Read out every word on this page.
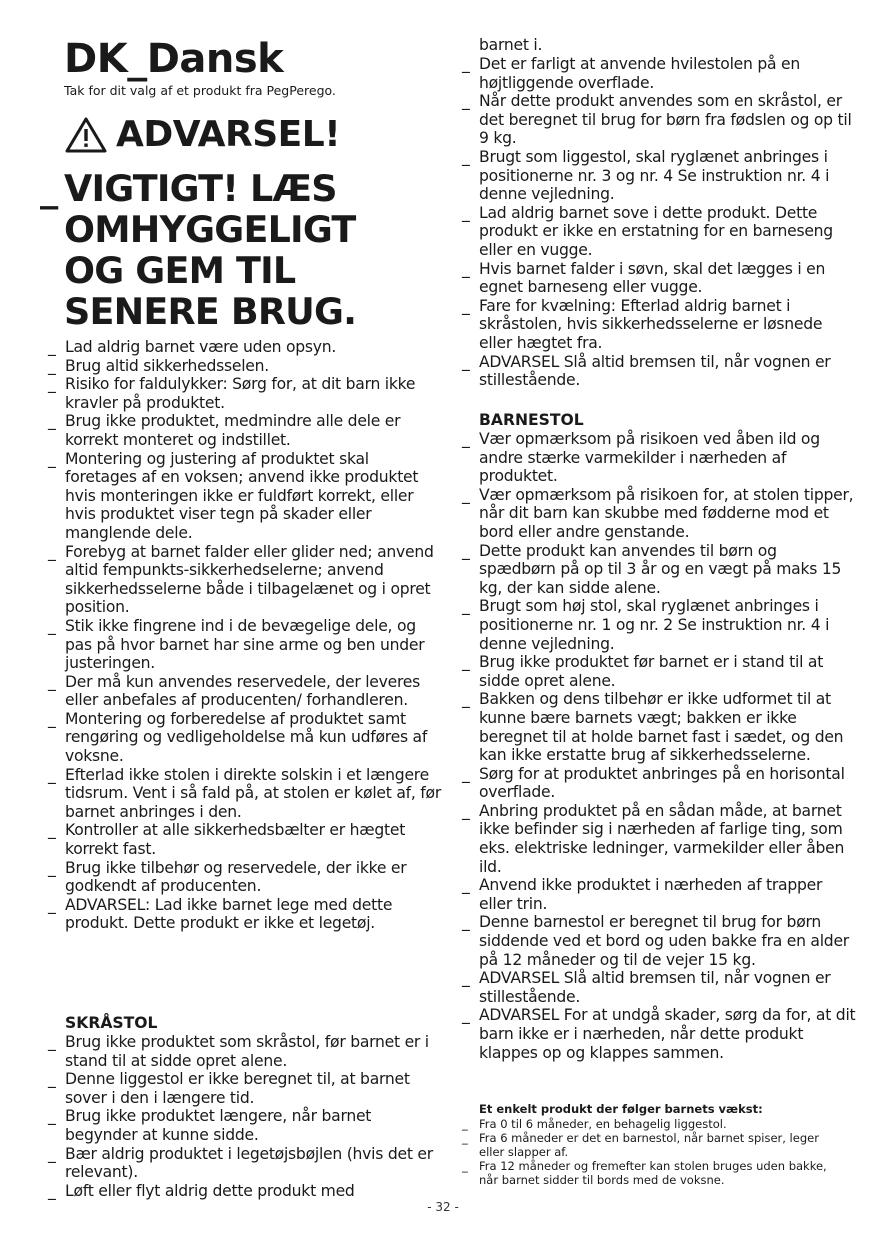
DK_Dansk

Tak for dit valg af et produkt fra PegPerego.

ADVARSEL!
_ VIGTIGT! LÆS
OMHYGGELIGT
OG GEM TIL
SENERE BRUG.
_ Lad aldrig barnet være uden opsyn.
_ Brug altid sikkerhedsselen.
_ Risiko for faldulykker: Sørg for, at dit barn ikke kravler på produktet.
_ Brug ikke produktet, medmindre alle dele er korrekt monteret og indstillet.
_ Montering og justering af produktet skal foretages af en voksen; anvend ikke produktet hvis monteringen ikke er fuldført korrekt, eller hvis produktet viser tegn på skader eller manglende dele.
_ Forebyg at barnet falder eller glider ned; anvend altid fempunkts-sikkerhedselerne; anvend sikkerhedsselerne både i tilbagelænet og i opret position.
_ Stik ikke fingrene ind i de bevægelige dele, og pas på hvor barnet har sine arme og ben under justeringen.
_ Der må kun anvendes reservedele, der leveres eller anbefales af producenten/ forhandleren.
_ Montering og forberedelse af produktet samt rengøring og vedligeholdelse må kun udføres af voksne.
_ Efterlad ikke stolen i direkte solskin i et længere tidsrum. Vent i så fald på, at stolen er kølet af, før barnet anbringes i den.
_ Kontroller at alle sikkerhedsbælter er hægtet korrekt fast.
_ Brug ikke tilbehør og reservedele, der ikke er godkendt af producenten.
_ ADVARSEL: Lad ikke barnet lege med dette produkt. Dette produkt er ikke et legetøj.
SKRÅSTOL
_ Brug ikke produktet som skråstol, før barnet er i stand til at sidde opret alene.
_ Denne liggestol er ikke beregnet til, at barnet sover i den i længere tid.
_ Brug ikke produktet længere, når barnet begynder at kunne sidde.
_ Bær aldrig produktet i legetøjsbøjlen (hvis det er relevant).
_ Løft eller flyt aldrig dette produkt med
barnet i.
_ Det er farligt at anvende hvilestolen på en højtliggende overflade.
_ Når dette produkt anvendes som en skråstol, er det beregnet til brug for børn fra fødslen og op til 9 kg.
_ Brugt som liggestol, skal ryglænet anbringes i positionerne nr. 3 og nr. 4 Se instruktion nr. 4 i denne vejledning.
_ Lad aldrig barnet sove i dette produkt. Dette produkt er ikke en erstatning for en barneseng eller en vugge.
_ Hvis barnet falder i søvn, skal det lægges i en egnet barneseng eller vugge.
_ Fare for kvælning: Efterlad aldrig barnet i skråstolen, hvis sikkerhedsselerne er løsnede eller hægtet fra.
_ ADVARSEL Slå altid bremsen til, når vognen er stillestående.
BARNESTOL
_ Vær opmærksom på risikoen ved åben ild og andre stærke varmekilder i nærheden af produktet.
_ Vær opmærksom på risikoen for, at stolen tipper, når dit barn kan skubbe med fødderne mod et bord eller andre genstande.
_ Dette produkt kan anvendes til børn og spædbørn på op til 3 år og en vægt på maks 15 kg, der kan sidde alene.
_ Brugt som høj stol, skal ryglænet anbringes i positionerne nr. 1 og nr. 2 Se instruktion nr. 4 i denne vejledning.
_ Brug ikke produktet før barnet er i stand til at sidde opret alene.
_ Bakken og dens tilbehør er ikke udformet til at kunne bære barnets vægt; bakken er ikke beregnet til at holde barnet fast i sædet, og den kan ikke erstatte brug af sikkerhedsselerne.
_ Sørg for at produktet anbringes på en horisontal overflade.
_ Anbring produktet på en sådan måde, at barnet ikke befinder sig i nærheden af farlige ting, som eks. elektriske ledninger, varmekilder eller åben ild.
_ Anvend ikke produktet i nærheden af trapper eller trin.
_ Denne barnestol er beregnet til brug for børn siddende ved et bord og uden bakke fra en alder på 12 måneder og til de vejer 15 kg.
_ ADVARSEL Slå altid bremsen til, når vognen er stillestående.
_ ADVARSEL For at undgå skader, sørg da for, at dit barn ikke er i nærheden, når dette produkt klappes op og klappes sammen.
Et enkelt produkt der følger barnets vækst:
_ Fra 0 til 6 måneder, en behagelig liggestol.
_ Fra 6 måneder er det en barnestol, når barnet spiser, leger eller slapper af.
_ Fra 12 måneder og fremefter kan stolen bruges uden bakke, når barnet sidder til bords med de voksne.
- 32 -
